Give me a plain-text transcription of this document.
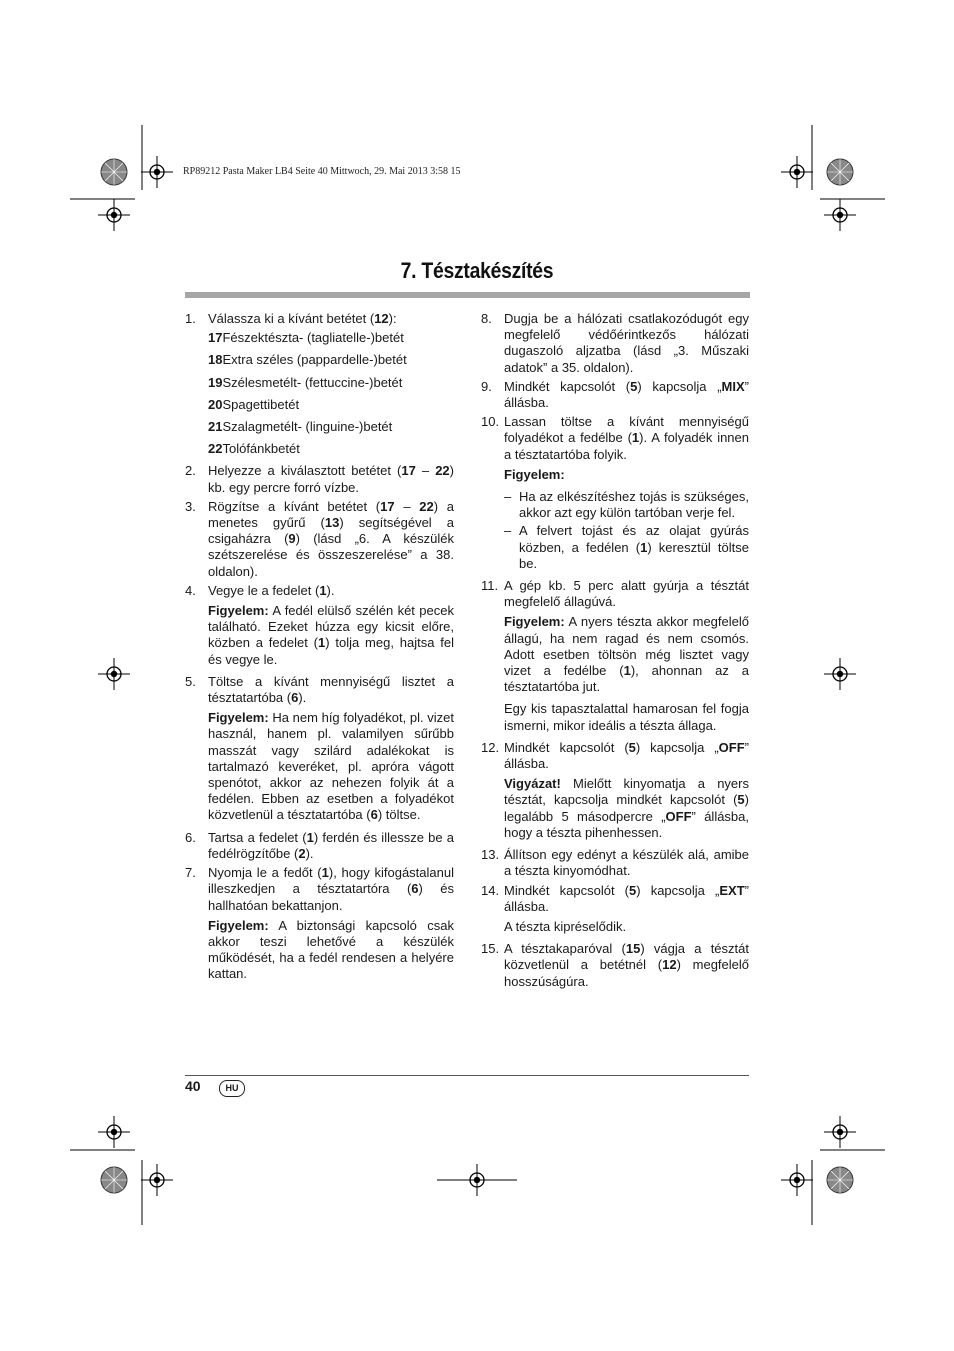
RP89212 Pasta Maker LB4 Seite 40 Mittwoch, 29. Mai 2013 3:58 15
7. Tésztakészítés
1. Válassza ki a kívánt betétet (12):
17Fészektészta- (tagliatelle-)betét
18Extra széles (pappardelle-)betét
19Szélesmetélt- (fettuccine-)betét
20Spagettibetét
21Szalagmetélt- (linguine-)betét
22Tolófánkbetét
2. Helyezze a kiválasztott betétet (17 – 22) kb. egy percre forró vízbe.
3. Rögzítse a kívánt betétet (17 – 22) a menetes gyűrű (13) segítségével a csigaházra (9) (lásd „6. A készülék szétszerelése és összeszerelése” a 38. oldalon).
4. Vegye le a fedelet (1).
Figyelem: A fedél elülső szélén két pecek található. Ezeket húzza egy kicsit előre, közben a fedelet (1) tolja meg, hajtsa fel és vegye le.
5. Töltse a kívánt mennyiségű lisztet a tésztatartóba (6).
Figyelem: Ha nem híg folyadékot, pl. vizet használ, hanem pl. valamilyen sűrűbb masszát vagy szilárd adalékokat is tartalmazó keveréket, pl. apróra vágott spenótot, akkor az nehezen folyik át a fedélen. Ebben az esetben a folyadékot közvetlenül a tésztatartóba (6) töltse.
6. Tartsa a fedelet (1) ferdén és illessze be a fedélrögzítőbe (2).
7. Nyomja le a fedőt (1), hogy kifogástalanul illeszkedjen a tésztatartóra (6) és hallhatóan bekattanjon.
Figyelem: A biztonsági kapcsoló csak akkor teszi lehetővé a készülék működését, ha a fedél rendesen a helyére kattan.
8. Dugja be a hálózati csatlakozódugót egy megfelelő védőérintkezős hálózati dugaszoló aljzatba (lásd „3. Műszaki adatok” a 35. oldalon).
9. Mindkét kapcsolót (5) kapcsolja „MIX” állásba.
10. Lassan töltse a kívánt mennyiségű folyadékot a fedélbe (1). A folyadék innen a tésztatartóba folyik.
Figyelem:
– Ha az elkészítéshez tojás is szükséges, akkor azt egy külön tartóban verje fel.
– A felvert tojást és az olajat gyúrás közben, a fedélen (1) keresztül töltse be.
11. A gép kb. 5 perc alatt gyúrja a tésztát megfelelő állagúvá.
Figyelem: A nyers tészta akkor megfelelő állagú, ha nem ragad és nem csomós. Adott esetben töltsön még lisztet vagy vizet a fedélbe (1), ahonnan az a tésztatartóba jut.
Egy kis tapasztalattal hamarosan fel fogja ismerni, mikor ideális a tészta állaga.
12. Mindkét kapcsolót (5) kapcsolja „OFF” állásba.
Vigyázat! Mielőtt kinyomatja a nyers tésztát, kapcsolja mindkét kapcsolót (5) legalább 5 másodpercre „OFF” állásba, hogy a tészta pihenhessen.
13. Állítson egy edényt a készülék alá, amibe a tészta kinyomódhat.
14. Mindkét kapcsolót (5) kapcsolja „EXT” állásba.
A tészta kipréselődik.
15. A tésztakaparóval (15) vágja a tésztát közvetlenül a betétnél (12) megfelelő hosszúságúra.
40	HU
